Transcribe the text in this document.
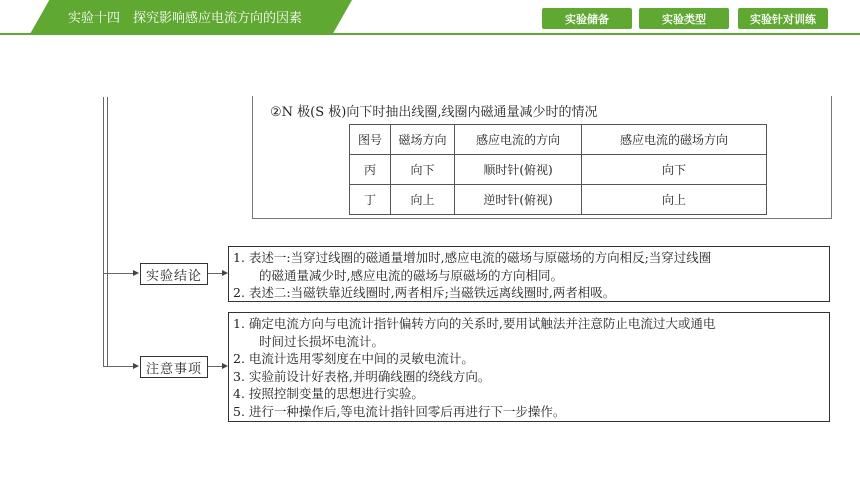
实验十四　探究影响感应电流方向的因素	实验储备	实验类型	实验针对训练
②N 极(S 极)向下时抽出线圈,线圈内磁通量减少时的情况
图号	磁场方向	感应电流的方向	感应电流的磁场方向
丙	向下	顺时针(俯视)	向下
丁	向上	逆时针(俯视)	向上
实验结论

1. 表述一:当穿过线圈的磁通量增加时,感应电流的磁场与原磁场的方向相反;当穿过线圈

的磁通量减少时,感应电流的磁场与原磁场的方向相同。

2. 表述二:当磁铁靠近线圈时,两者相斥;当磁铁远离线圈时,两者相吸。

注意事项

1. 确定电流方向与电流计指针偏转方向的关系时,要用试触法并注意防止电流过大或通电

时间过长损坏电流计。

2. 电流计选用零刻度在中间的灵敏电流计。

3. 实验前设计好表格,并明确线圈的绕线方向。

4. 按照控制变量的思想进行实验。

5. 进行一种操作后,等电流计指针回零后再进行下一步操作。
